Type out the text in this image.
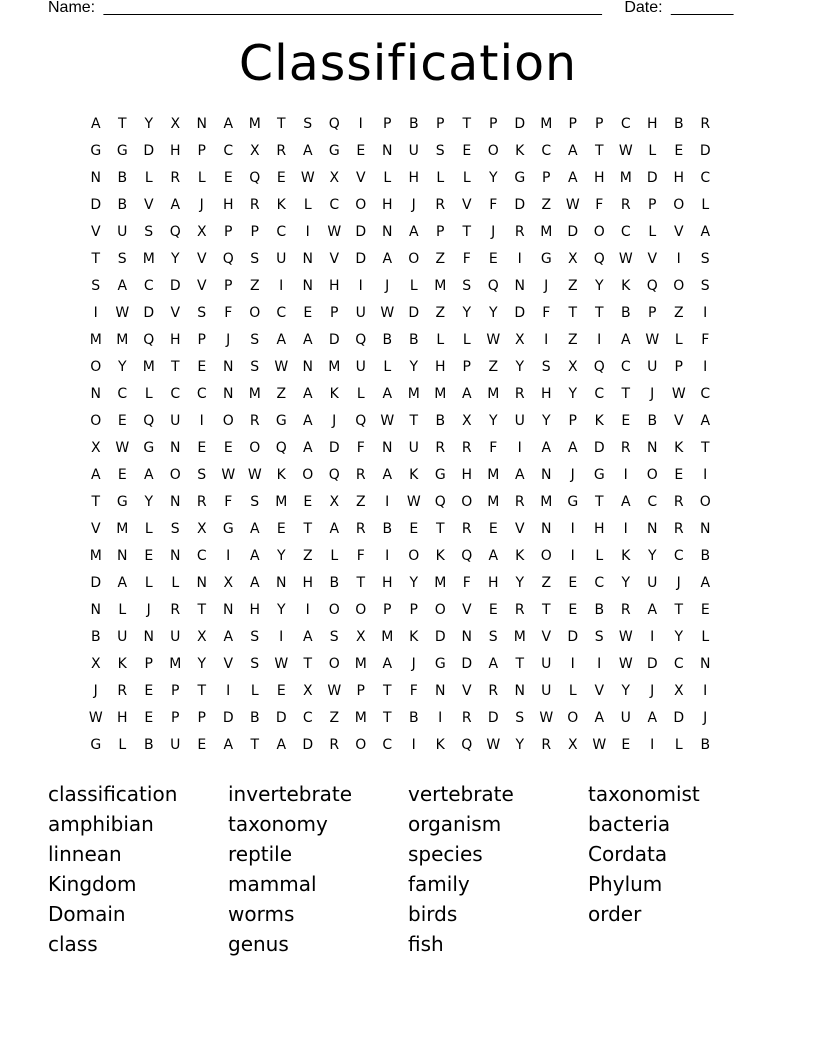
Name: ________________________________________________________ Date: _______
Classification
A T Y X N A M T S Q I P B P T P D M P P C H B R
G G D H P C X R A G E N U S E O K C A T W L E D
N B L R L E Q E W X V L H L L Y G P A H M D H C
D B V A J H R K L C O H J R V F D Z W F R P O L
V U S Q X P P C I W D N A P T J R M D O C L V A
T S M Y V Q S U N V D A O Z F E I G X Q W V I S
S A C D V P Z I N H I J L M S Q N J Z Y K Q O S
I W D V S F O C E P U W D Z Y Y D F T T B P Z I
M M Q H P J S A A D Q B B L L W X I Z I A W L F
O Y M T E N S W N M U L Y H P Z Y S X Q C U P I
N C L C C N M Z A K L A M M A M R H Y C T J W C
O E Q U I O R G A J Q W T B X Y U Y P K E B V A
X W G N E E O Q A D F N U R R F I A A D R N K T
A E A O S W W K O Q R A K G H M A N J G I O E I
T G Y N R F S M E X Z I W Q O M R M G T A C R O
V M L S X G A E T A R B E T R E V N I H I N R N
M N E N C I A Y Z L F I O K Q A K O I L K Y C B
D A L L N X A N H B T H Y M F H Y Z E C Y U J A
N L J R T N H Y I O O P P O V E R T E B R A T E
B U N U X A S I A S X M K D N S M V D S W I Y L
X K P M Y V S W T O M A J G D A T U I I W D C N
J R E P T I L E X W P T F N V R N U L V Y J X I
W H E P P D B D C Z M T B I R D S W O A U A D J
G L B U E A T A D R O C I K Q W Y R X W E I L B
classification
amphibian
linnean
Kingdom
Domain
class
invertebrate
taxonomy
reptile
mammal
worms
genus
vertebrate
organism
species
family
birds
fish
taxonomist
bacteria
Cordata
Phylum
order
